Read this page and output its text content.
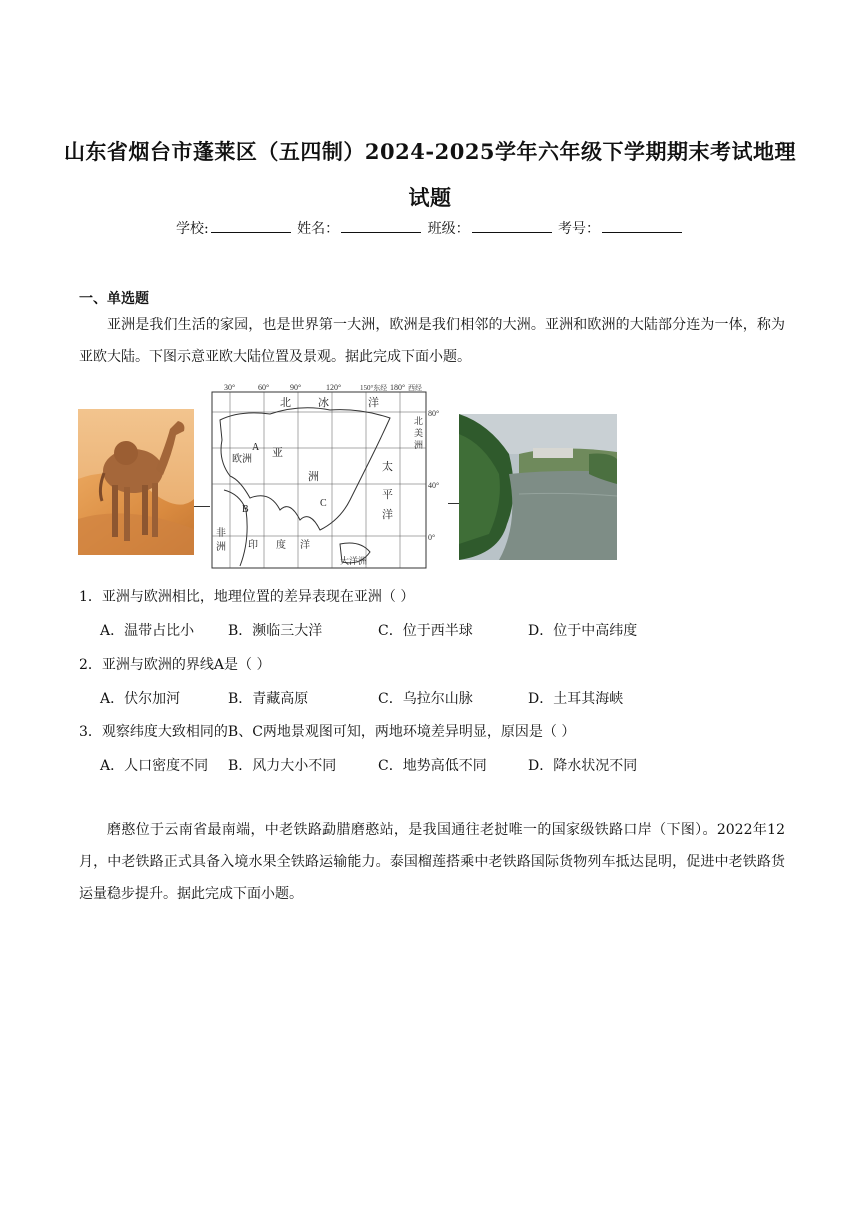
山东省烟台市蓬莱区（五四制）2024-2025学年六年级下学期期末考试地理
试题
学校:	姓名：	班级：	考号：
一、单选题
亚洲是我们生活的家园，也是世界第一大洲，欧洲是我们相邻的大洲。亚洲和欧洲的大陆部分连为一体，称为亚欧大陆。下图示意亚欧大陆位置及景观。据此完成下面小题。
30°	60°	90°	120°	150°东经 180° 西经
80°
40°
0°
北 冰	洋
北
美
洲
欧洲
亚
洲
太
平
洋
非
洲 印 度 洋
大洋洲
A
B
C
1．亚洲与欧洲相比，地理位置的差异表现在亚洲（ ）
A．温带占比小 B．濒临三大洋	C．位于西半球	D．位于中高纬度
2．亚洲与欧洲的界线A是（ ）
A．伏尔加河	B．青藏高原	C．乌拉尔山脉	D．土耳其海峡
3．观察纬度大致相同的B、C两地景观图可知，两地环境差异明显，原因是（ ）
A．人口密度不同 B．风力大小不同	C．地势高低不同	D．降水状况不同
磨憨位于云南省最南端，中老铁路勐腊磨憨站，是我国通往老挝唯一的国家级铁路口岸（下图）。2022年12月，中老铁路正式具备入境水果全铁路运输能力。泰国榴莲搭乘中老铁路国际货物列车抵达昆明，促进中老铁路货运量稳步提升。据此完成下面小题。
